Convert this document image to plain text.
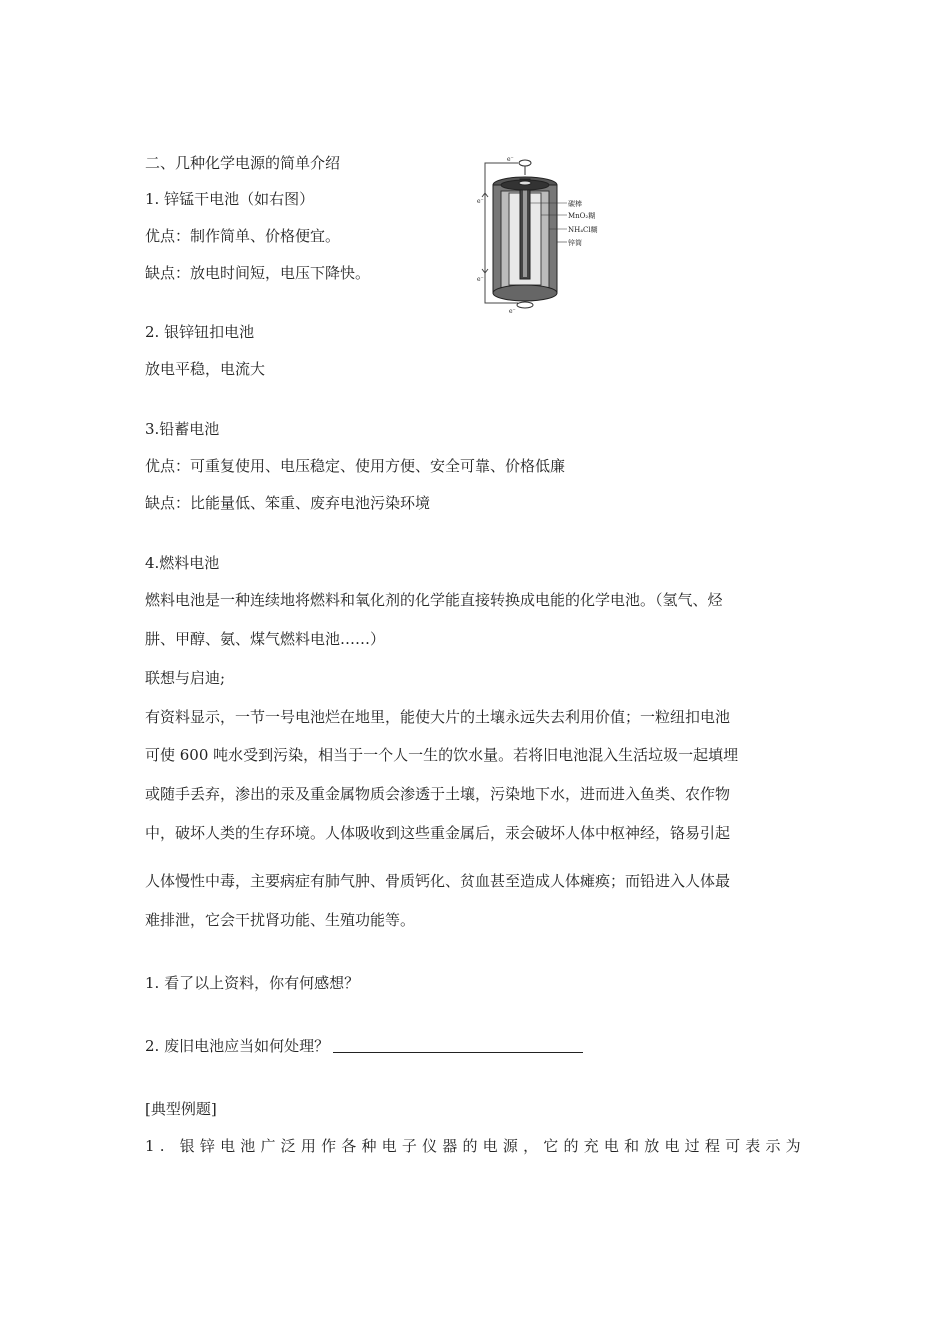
二、几种化学电源的简单介绍
1. 锌锰干电池（如右图）
优点：制作简单、价格便宜。
缺点：放电时间短，电压下降快。
e⁻
e⁻
e⁻
e⁻
碳棒
MnO₂糊
NH₄Cl糊
锌筒
2. 银锌钮扣电池
放电平稳，电流大
3.铅蓄电池
优点：可重复使用、电压稳定、使用方便、安全可靠、价格低廉
缺点：比能量低、笨重、废弃电池污染环境
4.燃料电池
燃料电池是一种连续地将燃料和氧化剂的化学能直接转换成电能的化学电池。（氢气、烃
肼、甲醇、氨、煤气燃料电池……）
联想与启迪;
有资料显示，一节一号电池烂在地里，能使大片的土壤永远失去利用价值；一粒纽扣电池
可使 600 吨水受到污染，相当于一个人一生的饮水量。若将旧电池混入生活垃圾一起填埋
或随手丢弃，渗出的汞及重金属物质会渗透于土壤，污染地下水，进而进入鱼类、农作物
中，破坏人类的生存环境。人体吸收到这些重金属后，汞会破坏人体中枢神经，铬易引起
人体慢性中毒，主要病症有肺气肿、骨质钙化、贫血甚至造成人体瘫痪；而铅进入人体最
难排泄，它会干扰肾功能、生殖功能等。
1. 看了以上资料，你有何感想？
2. 废旧电池应当如何处理？
[典型例题]
1. 银锌电池广泛用作各种电子仪器的电源，它的充电和放电过程可表示为
